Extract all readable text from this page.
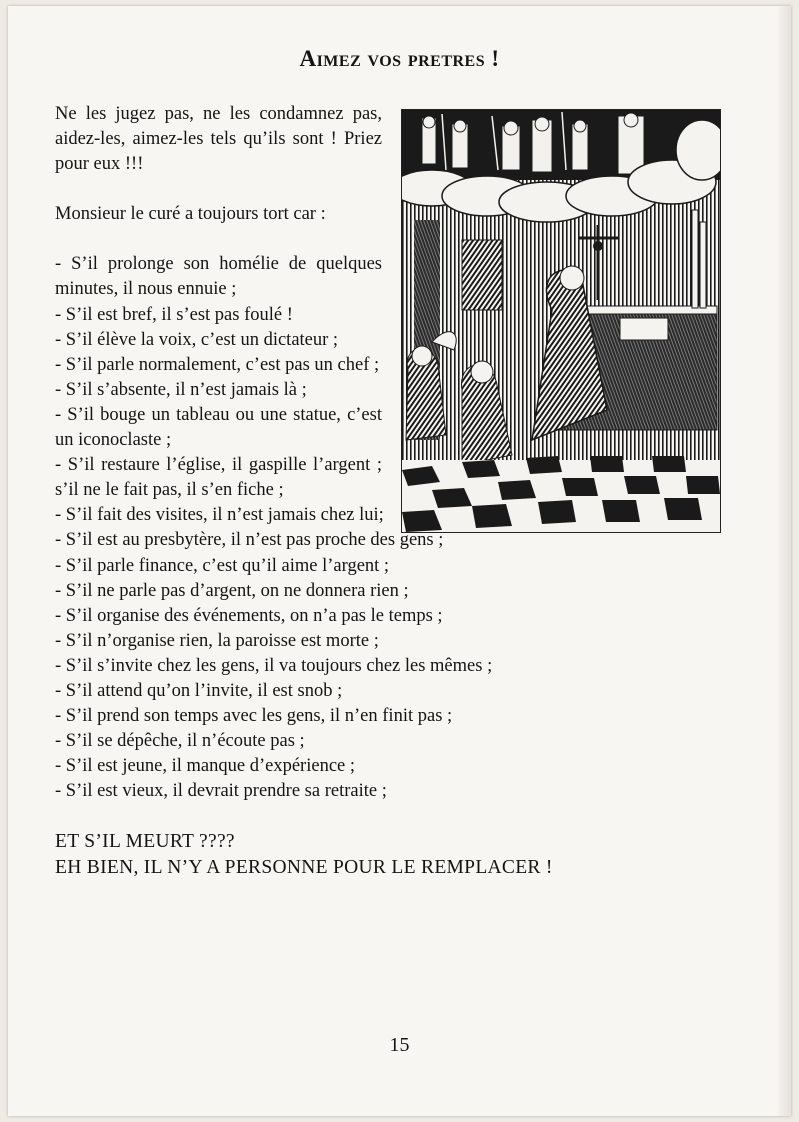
Aimez vos pretres !

Ne les jugez pas, ne les condamnez pas, aidez-les, aimez-les tels qu’ils sont ! Priez pour eux !!!

Monsieur le curé a toujours tort car :

- S’il prolonge son homélie de quelques minutes, il nous ennuie ;

- S’il est bref, il s’est pas foulé !

- S’il élève la voix, c’est un dictateur ;

- S’il parle normalement, c’est pas un chef ;

- S’il s’absente, il n’est jamais là ;

- S’il bouge un tableau ou une statue, c’est un iconoclaste ;

- S’il restaure l’église, il gaspille l’argent ; s’il ne le fait pas, il s’en fiche ;

- S’il fait des visites, il n’est jamais chez lui;

- S’il est au presbytère, il n’est pas proche des gens ;

- S’il parle finance, c’est qu’il aime l’argent ;

- S’il ne parle pas d’argent, on ne donnera rien ;

- S’il organise des événements, on n’a pas le temps ;

- S’il n’organise rien, la paroisse est morte ;

- S’il s’invite chez les gens, il va toujours chez les mêmes ;

- S’il attend qu’on l’invite, il est snob ;

- S’il prend son temps avec les gens, il n’en finit pas ;

- S’il se dépêche, il n’écoute pas ;

- S’il est jeune, il manque d’expérience ;

- S’il est vieux, il devrait prendre sa retraite ;

ET S’IL MEURT ????

EH BIEN, IL N’Y A PERSONNE POUR LE REMPLACER !

15
